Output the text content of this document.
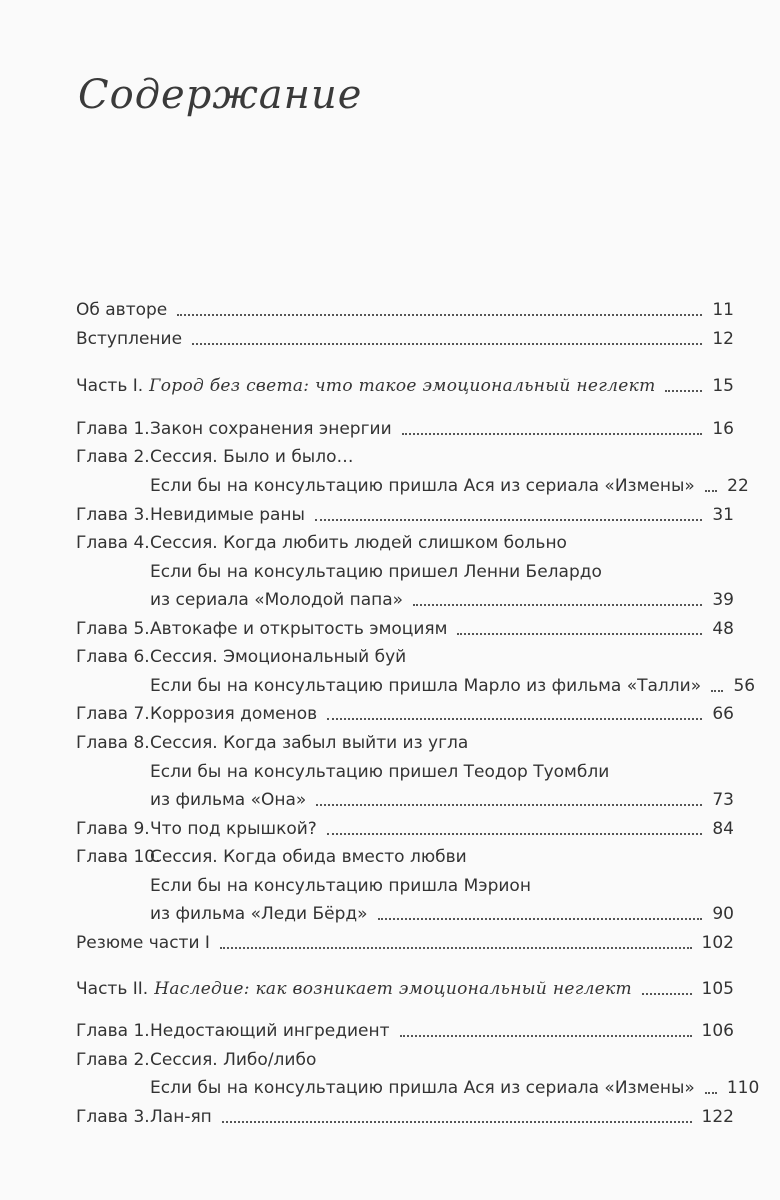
Содержание
Об авторе	11
Вступление	12
Часть I. Город без света: что такое эмоциональный неглект	15
Глава 1. Закон сохранения энергии	16
Глава 2. Сессия. Было и было…
Если бы на консультацию пришла Ася из сериала «Измены» 22
Глава 3. Невидимые раны	31
Глава 4. Сессия. Когда любить людей слишком больно
Если бы на консультацию пришел Ленни Белардо
из сериала «Молодой папа»	39
Глава 5. Автокафе и открытость эмоциям	48
Глава 6. Сессия. Эмоциональный буй
Если бы на консультацию пришла Марло из фильма «Талли» 56
Глава 7. Коррозия доменов	66
Глава 8. Сессия. Когда забыл выйти из угла
Если бы на консультацию пришел Теодор Туомбли
из фильма «Она»	73
Глава 9. Что под крышкой?	84
Глава 10.
Сессия. Когда обида вместо любви
Если бы на консультацию пришла Мэрион
из фильма «Леди Бёрд»	90
Резюме части I	102
Часть II. Наследие: как возникает эмоциональный неглект	105
Глава 1. Недостающий ингредиент	106
Глава 2. Сессия. Либо/либо
Если бы на консультацию пришла Ася из сериала «Измены» 110
Глава 3. Лан-яп	122
